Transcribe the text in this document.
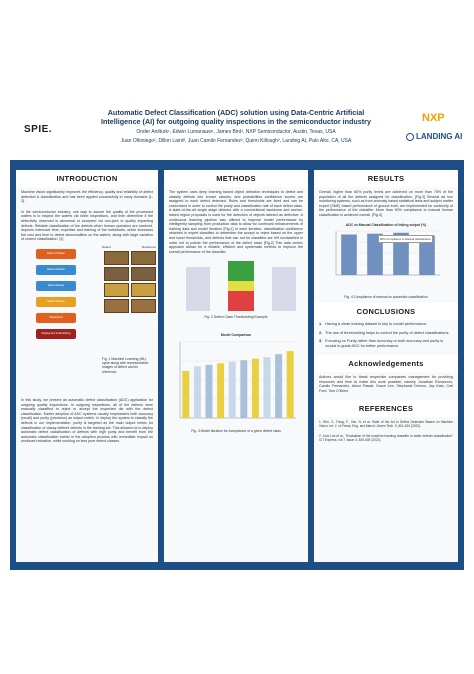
SPIE.
Automatic Defect Classification (ADC) solution using Data-Centric Artificial
Intelligence (AI) for outgoing quality inspections in the semiconductor industry
Onder Anilturk¹, Edwin Lumanauw¹, James Bird¹, NXP Semiconductor, Austin, Texas, USA
Juan Olloniego², Dillon Laird², Juan Camilo Fernandez², Quinn Killough², Landing AI, Palo Alto, CA, USA
NXP
LANDING AI
INTRODUCTION
Machine vision significantly improves the efficiency, quality and reliability of defect detection & classification and has been applied successfully in many domains [1-3].
In the semiconductor industry, one way to assure the quality of the processed wafers is to inspect the wafers via inline inspections, and then determine if the defectivity observed is abnormal or accepted via non-joint or quality impacting defects. Reliable classification of the defects when human operators are involved, requires extensive time, expertise and training of the individuals, which increases the cost and time to detect abnormalities on the wafers, along with large variation of correct classification. [2]
Define Problem
Data Collection
Data Labeling
Model Training
Model Eval
Deployment & Monitoring
Defect	Reference
Fig. 1 Machine Learning (ML) cycle along with representative images of defect and its reference.
In this study, we present an automatic defect classification (ADC) application for outgoing quality inspections. In outgoing inspections, all of the defects were manually classified to reject or accept the inspected die with the defect classification. Earlier adoption of ADC systems usually emphasizes both accuracy (recall) and purity (precision) as output metric. In deploy the system to classify the defects in our implementation, purity is targeted as the main output metric for classification of classy defined defects in the training set. This allowed us to deploy automatic defect classification of defects with high purity and benefit from the automatic classification earlier in the adoption process with immediate impact on workload reduction, while working on less pure defect classes.
METHODS
The system uses deep learning based object detection techniques to detect and classify defects into known classes, and probabilities confidence scores are assigned to each defect detected. Rules and thresholds are fixed and can be customized in order to control the purity and classification rate of each defect class. A state-of-the-art single stage detector with a convolutional backbone and anchor-based region proposals is used for the detection of objects labeled as defective. A continuous learning pipeline was utilized to improve model performance by intelligently sampling from production data to allow for continued enhancements of training data and model iteration [Fig.1] In each iteration, classification confidence obtained is expert classified to determine the accept or reject based on the upper and lower thresholds, and defects that can not be classified are left unclassified in order not to pollute the performance of the defect class [Fig.2] This data centric approach allows for a reliable, efficient and systematic method to improve the overall performance of the classifier.
Fig. 2 Defect Class Thresholding Example
Model Comparison
Fig. 3 Model iteration for Acceptance of a given defect class
RESULTS
Overall, higher than 80% purity levels are achieved on more than 75% of the population of all the defects assigned for classification. [Fig.3] Several ad hoc monitoring systems, such as from anomaly based statistical tests and subject matter expert (SME) based performance of ground truth, are implemented for continuity of the performance of the classifier. More than 90% compliance to manual human classification is achieved overall. [Fig.4]
ADC vs Manual Classification of Inking output (%)
90% Compliance to Manual classification
Fig. 4 Compliance of manual vs automatic classification
CONCLUSIONS
1. Having a clean training dataset is key to model performance.
2. The use of thresholding helps to control the purity of defect classifications.
3. Focusing on Purity rather than Accuracy or both accuracy and purity is crucial to guide ADC for better performance.
Acknowledgements
Authors would like to thank respective companies management for providing resources and time to make this work possible; namely Jonathan Ronconcio, Camilo Fernandez, Ankur Rawat, Grace Lee, Stephanie Demou, Jay Kato, Carl Ford, Tom O'Brien.
REFERENCES
1. Ren, Z., Fang, F., Yan, N. et al. State of the Art in Defect Detection Based on Machine Vision. Int. J. of Precis. Eng. and Manuf.-Green Tech. 9, 661-691 (2022).
2. Jock Lim et al., "Evaluation of the machine learning classifier in wafer defects classification" ICT Express, vol 7, issue 4, 535-539 (2021).
